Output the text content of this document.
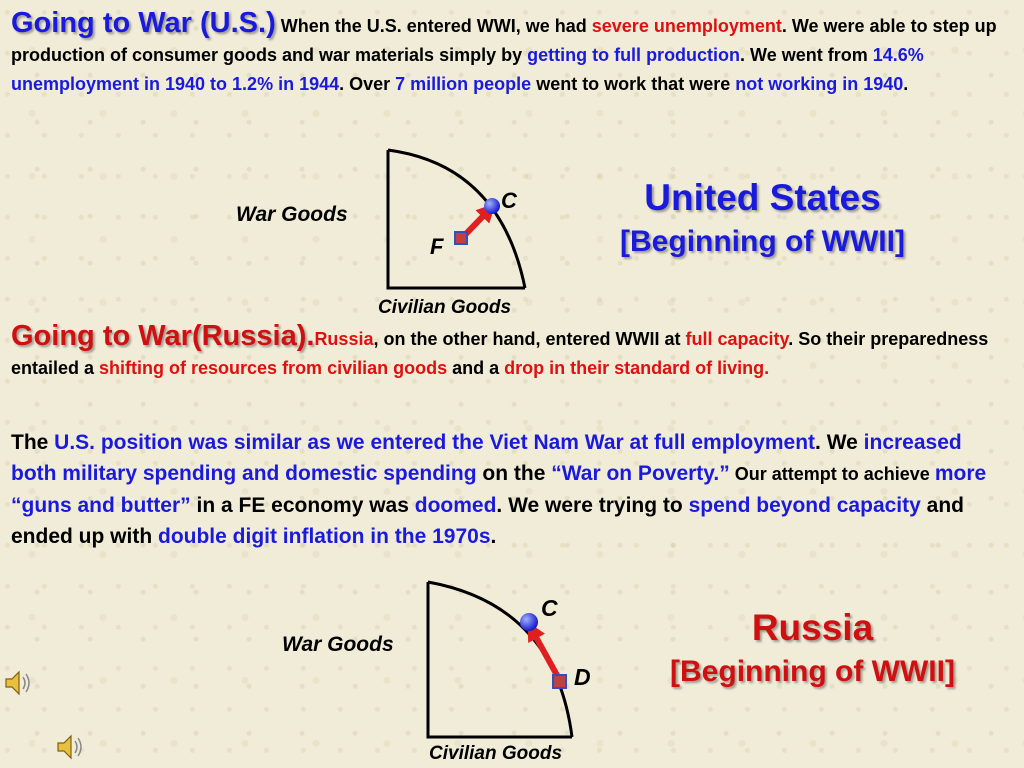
Going to War (U.S.) When the U.S. entered WWI, we had severe unemployment. We were able to step up production of consumer goods and war materials simply by getting to full production. We went from 14.6% unemployment in 1940 to 1.2% in 1944. Over 7 million people went to work that were not working in 1940.
Going to War(Russia).Russia, on the other hand, entered WWII at full capacity. So their preparedness entailed a shifting of resources from civilian goods and a drop in their standard of living.
The U.S. position was similar as we entered the Viet Nam War at full employment. We increased both military spending and domestic spending on the “War on Poverty.” Our attempt to achieve more “guns and butter” in a FE economy was doomed. We were trying to spend beyond capacity and ended up with double digit inflation in the 1970s.
C
F
War Goods
Civilian Goods
C
D
War Goods
Civilian Goods
United States
[Beginning of WWII]
Russia
[Beginning of WWII]
